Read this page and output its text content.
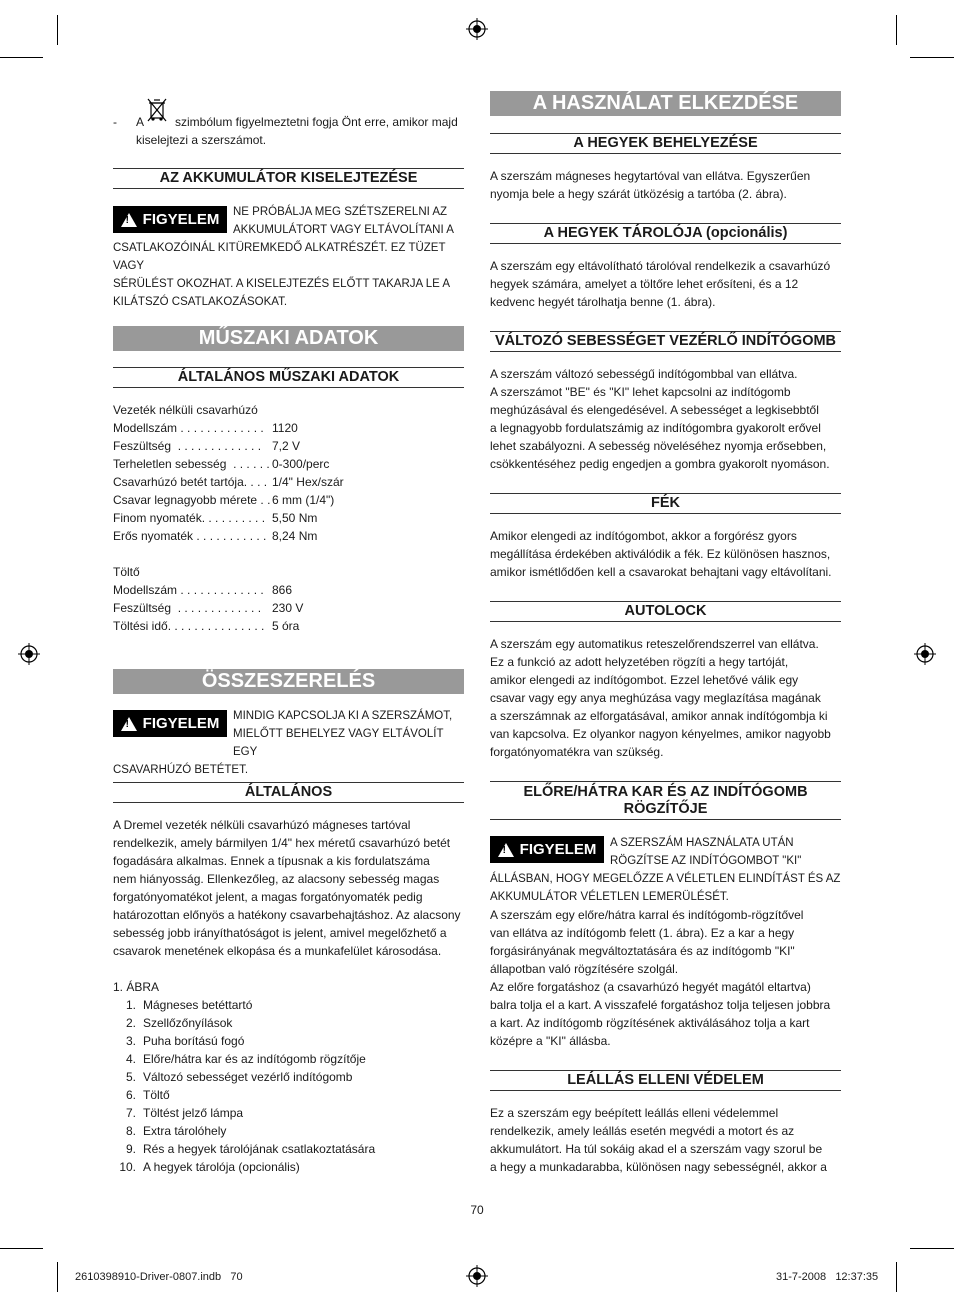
- A	szimbólum figyelmeztetni fogja Önt erre, amikor majd
kiselejtezi a szerszámot.
AZ AKKUMULÁTOR KISELEJTEZÉSE
! FIGYELEM	NE PRÓBÁLJA MEG SZÉTSZERELNI AZ
AKKUMULÁTORT VAGY ELTÁVOLÍTANI A
CSATLAKOZÓINÁL KITÜREMKEDŐ ALKATRÉSZÉT. EZ TÜZET VAGY
SÉRÜLÉST OKOZHAT. A KISELEJTEZÉS ELŐTT TAKARJA LE A
KILÁTSZÓ CSATLAKOZÁSOKAT.
MŰSZAKI ADATOK
ÁLTALÁNOS MŰSZAKI ADATOK
Vezeték nélküli csavarhúzó
Modellszám . . . . . . . . . . . . . 1120
Feszültség  . . . . . . . . . . . . . 7,2 V
Terheletlen sebesség  . . . . . . 0-300/perc
Csavarhúzó betét tartója. . . . 1/4" Hex/szár
Csavar legnagyobb mérete . . 6 mm (1/4")
Finom nyomaték. . . . . . . . . . 5,50 Nm
Erős nyomaték . . . . . . . . . . . 8,24 Nm
Töltő
Modellszám . . . . . . . . . . . . . 866
Feszültség  . . . . . . . . . . . . . 230 V
Töltési idő. . . . . . . . . . . . . . . 5 óra
ÖSSZESZERELÉS
! FIGYELEM	MINDIG KAPCSOLJA KI A SZERSZÁMOT,
MIELŐTT BEHELYEZ VAGY ELTÁVOLÍT EGY
CSAVARHÚZÓ BETÉTET.
ÁLTALÁNOS
A Dremel vezeték nélküli csavarhúzó mágneses tartóval
rendelkezik, amely bármilyen 1/4" hex méretű csavarhúzó betét
fogadására alkalmas. Ennek a típusnak a kis fordulatszáma
nem hiányosság. Ellenkezőleg, az alacsony sebesség magas
forgatónyomatékot jelent, a magas forgatónyomaték pedig
határozottan előnyös a hatékony csavarbehajtáshoz. Az alacsony
sebesség jobb irányíthatóságot is jelent, amivel megelőzhető a
csavarok menetének elkopása és a munkafelület károsodása.
1. ÁBRA
1. Mágneses betéttartó
2. Szellőzőnyílások
3. Puha borítású fogó
4. Előre/hátra kar és az indítógomb rögzítője
5. Változó sebességet vezérlő indítógomb
6. Töltő
7. Töltést jelző lámpa
8. Extra tárolóhely
9. Rés a hegyek tárolójának csatlakoztatására
10. A hegyek tárolója (opcionális)
A HASZNÁLAT ELKEZDÉSE
A HEGYEK BEHELYEZÉSE
A szerszám mágneses hegytartóval van ellátva. Egyszerűen
nyomja bele a hegy szárát ütközésig a tartóba (2. ábra).
A HEGYEK TÁROLÓJA (opcionális)
A szerszám egy eltávolítható tárolóval rendelkezik a csavarhúzó
hegyek számára, amelyet a töltőre lehet erősíteni, és a 12
kedvenc hegyét tárolhatja benne (1. ábra).
VÁLTOZÓ SEBESSÉGET VEZÉRLŐ INDÍTÓGOMB
A szerszám változó sebességű indítógombbal van ellátva.
A szerszámot "BE" és "KI" lehet kapcsolni az indítógomb
meghúzásával és elengedésével. A sebességet a legkisebbtől
a legnagyobb fordulatszámig az indítógombra gyakorolt erővel
lehet szabályozni. A sebesség növeléséhez nyomja erősebben,
csökkentéséhez pedig engedjen a gombra gyakorolt nyomáson.
FÉK
Amikor elengedi az indítógombot, akkor a forgórész gyors
megállítása érdekében aktiválódik a fék. Ez különösen hasznos,
amikor ismétlődően kell a csavarokat behajtani vagy eltávolítani.
AUTOLOCK
A szerszám egy automatikus reteszelőrendszerrel van ellátva.
Ez a funkció az adott helyzetében rögzíti a hegy tartóját,
amikor elengedi az indítógombot. Ezzel lehetővé válik egy
csavar vagy egy anya meghúzása vagy meglazítása magának
a szerszámnak az elforgatásával, amikor annak indítógombja ki
van kapcsolva. Ez olyankor nagyon kényelmes, amikor nagyobb
forgatónyomatékra van szükség.
ELŐRE/HÁTRA KAR ÉS AZ INDÍTÓGOMB
RÖGZÍTŐJE
! FIGYELEM	A SZERSZÁM HASZNÁLATA UTÁN
RÖGZÍTSE AZ INDÍTÓGOMBOT "KI"
ÁLLÁSBAN, HOGY MEGELŐZZE A VÉLETLEN ELINDÍTÁST ÉS AZ
AKKUMULÁTOR VÉLETLEN LEMERÜLÉSÉT.
A szerszám egy előre/hátra karral és indítógomb-rögzítővel
van ellátva az indítógomb felett (1. ábra). Ez a kar a hegy
forgásirányának megváltoztatására és az indítógomb "KI"
állapotban való rögzítésére szolgál.
Az előre forgatáshoz (a csavarhúzó hegyét magától eltartva)
balra tolja el a kart. A visszafelé forgatáshoz tolja teljesen jobbra
a kart. Az indítógomb rögzítésének aktiválásához tolja a kart
középre a "KI" állásba.
LEÁLLÁS ELLENI VÉDELEM
Ez a szerszám egy beépített leállás elleni védelemmel
rendelkezik, amely leállás esetén megvédi a motort és az
akkumulátort. Ha túl sokáig akad el a szerszám vagy szorul be
a hegy a munkadarabba, különösen nagy sebességnél, akkor a
70
2610398910-Driver-0807.indb   70	31-7-2008   12:37:35
